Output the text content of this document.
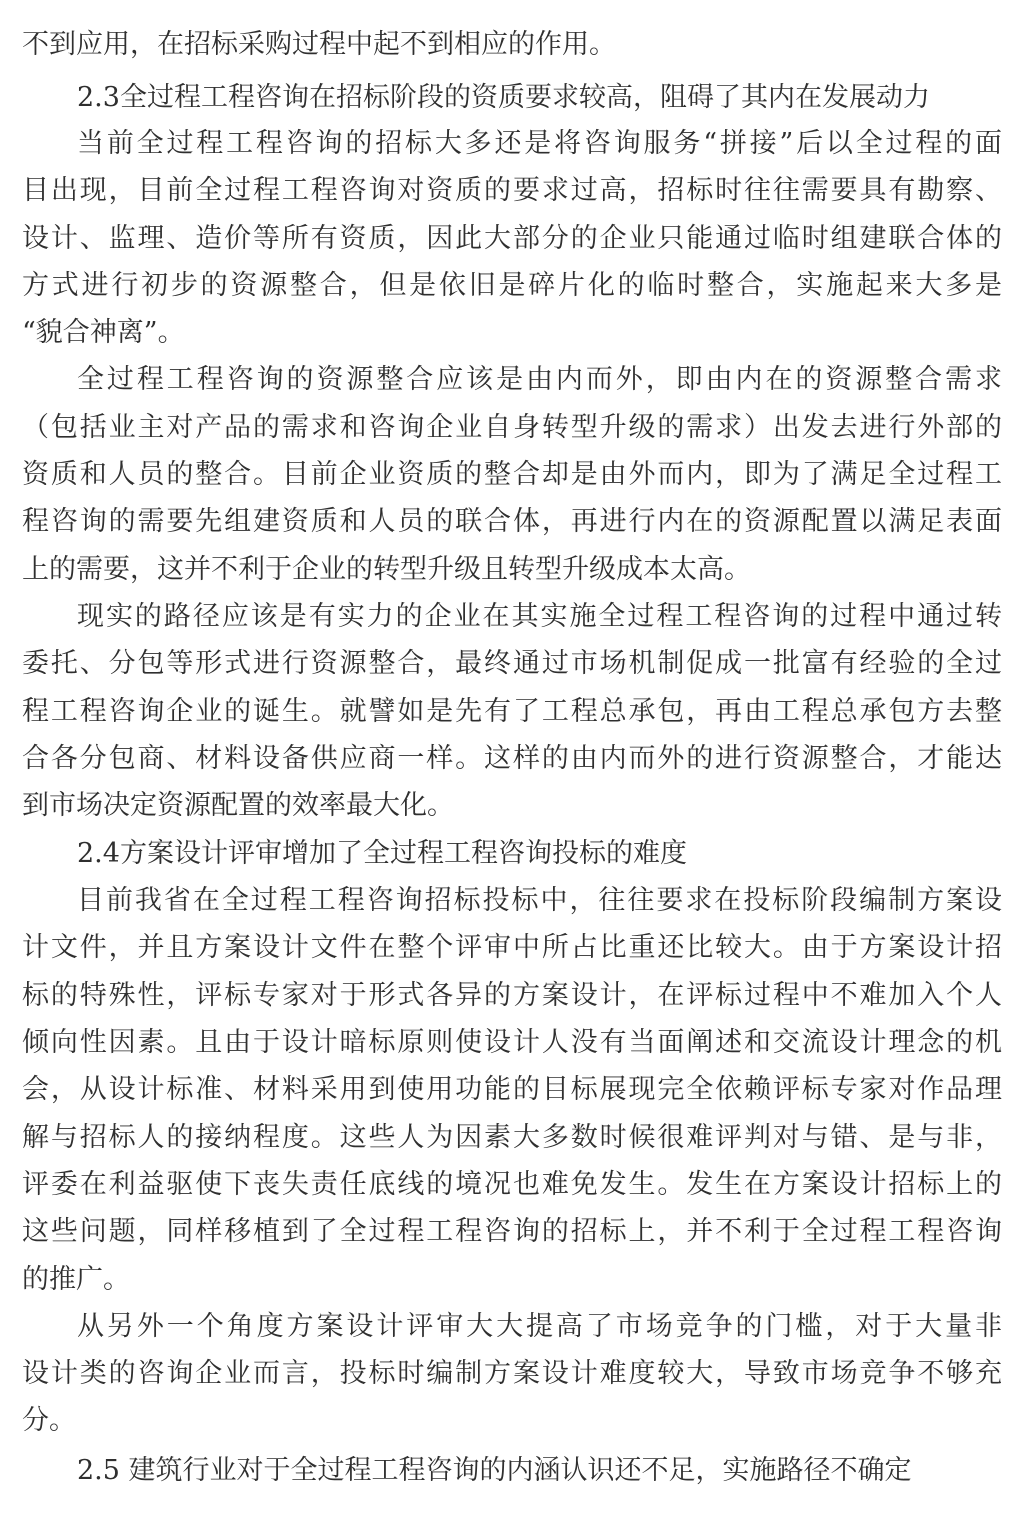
不到应用，在招标采购过程中起不到相应的作用。
2.3全过程工程咨询在招标阶段的资质要求较高，阻碍了其内在发展动力
当前全过程工程咨询的招标大多还是将咨询服务“拼接”后以全过程的面
目出现，目前全过程工程咨询对资质的要求过高，招标时往往需要具有勘察、
设计、监理、造价等所有资质，因此大部分的企业只能通过临时组建联合体的
方式进行初步的资源整合，但是依旧是碎片化的临时整合，实施起来大多是
“貌合神离”。
全过程工程咨询的资源整合应该是由内而外，即由内在的资源整合需求
（包括业主对产品的需求和咨询企业自身转型升级的需求）出发去进行外部的
资质和人员的整合。目前企业资质的整合却是由外而内，即为了满足全过程工
程咨询的需要先组建资质和人员的联合体，再进行内在的资源配置以满足表面
上的需要，这并不利于企业的转型升级且转型升级成本太高。
现实的路径应该是有实力的企业在其实施全过程工程咨询的过程中通过转
委托、分包等形式进行资源整合，最终通过市场机制促成一批富有经验的全过
程工程咨询企业的诞生。就譬如是先有了工程总承包，再由工程总承包方去整
合各分包商、材料设备供应商一样。这样的由内而外的进行资源整合，才能达
到市场决定资源配置的效率最大化。
2.4方案设计评审增加了全过程工程咨询投标的难度
目前我省在全过程工程咨询招标投标中，往往要求在投标阶段编制方案设
计文件，并且方案设计文件在整个评审中所占比重还比较大。由于方案设计招
标的特殊性，评标专家对于形式各异的方案设计，在评标过程中不难加入个人
倾向性因素。且由于设计暗标原则使设计人没有当面阐述和交流设计理念的机
会，从设计标准、材料采用到使用功能的目标展现完全依赖评标专家对作品理
解与招标人的接纳程度。这些人为因素大多数时候很难评判对与错、是与非，
评委在利益驱使下丧失责任底线的境况也难免发生。发生在方案设计招标上的
这些问题，同样移植到了全过程工程咨询的招标上，并不利于全过程工程咨询
的推广。
从另外一个角度方案设计评审大大提高了市场竞争的门槛，对于大量非
设计类的咨询企业而言，投标时编制方案设计难度较大，导致市场竞争不够充
分。
2.5 建筑行业对于全过程工程咨询的内涵认识还不足，实施路径不确定
